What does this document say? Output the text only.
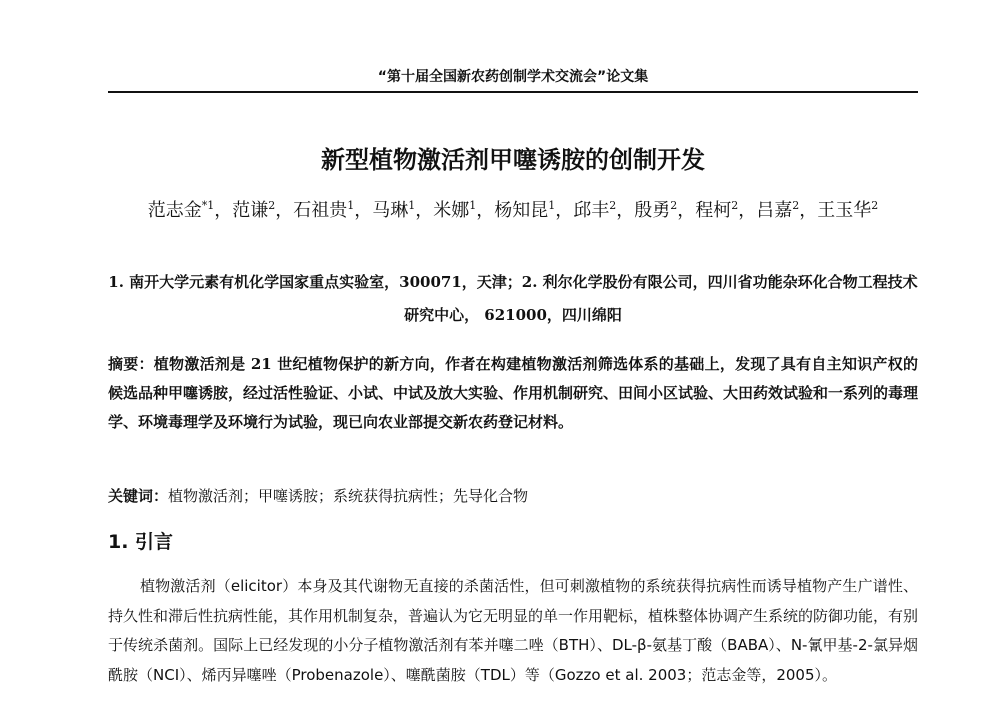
“第十届全国新农药创制学术交流会”论文集
新型植物激活剂甲噻诱胺的创制开发
范志金$^{*1}$，范谦$^2$，石祖贵$^1$，马琳$^1$，米娜$^1$，杨知昆$^1$，邱丰$^2$，殷勇$^2$，程柯$^2$，吕嘉$^2$，王玉华$^2$
1. 南开大学元素有机化学国家重点实验室，300071，天津；2. 利尔化学股份有限公司，四川省功能杂环化合物工程技术研究中心， 621000，四川绵阳

摘要：植物激活剂是 21 世纪植物保护的新方向，作者在构建植物激活剂筛选体系的基础上，发现了具有自主知识产权的候选品种甲噻诱胺，经过活性验证、小试、中试及放大实验、作用机制研究、田间小区试验、大田药效试验和一系列的毒理学、环境毒理学及环境行为试验，现已向农业部提交新农药登记材料。

关键词：植物激活剂；甲噻诱胺；系统获得抗病性；先导化合物
1. 引言

植物激活剂（elicitor）本身及其代谢物无直接的杀菌活性，但可刺激植物的系统获得抗病性而诱导植物产生广谱性、持久性和滞后性抗病性能，其作用机制复杂，普遍认为它无明显的单一作用靶标，植株整体协调产生系统的防御功能，有别于传统杀菌剂。国际上已经发现的小分子植物激活剂有苯并噻二唑（BTH）、DL-β-氨基丁酸（BABA）、N-氰甲基-2-氯异烟酰胺（NCI）、烯丙异噻唑（Probenazole）、噻酰菌胺（TDL）等（Gozzo et al. 2003；范志金等，2005）。
